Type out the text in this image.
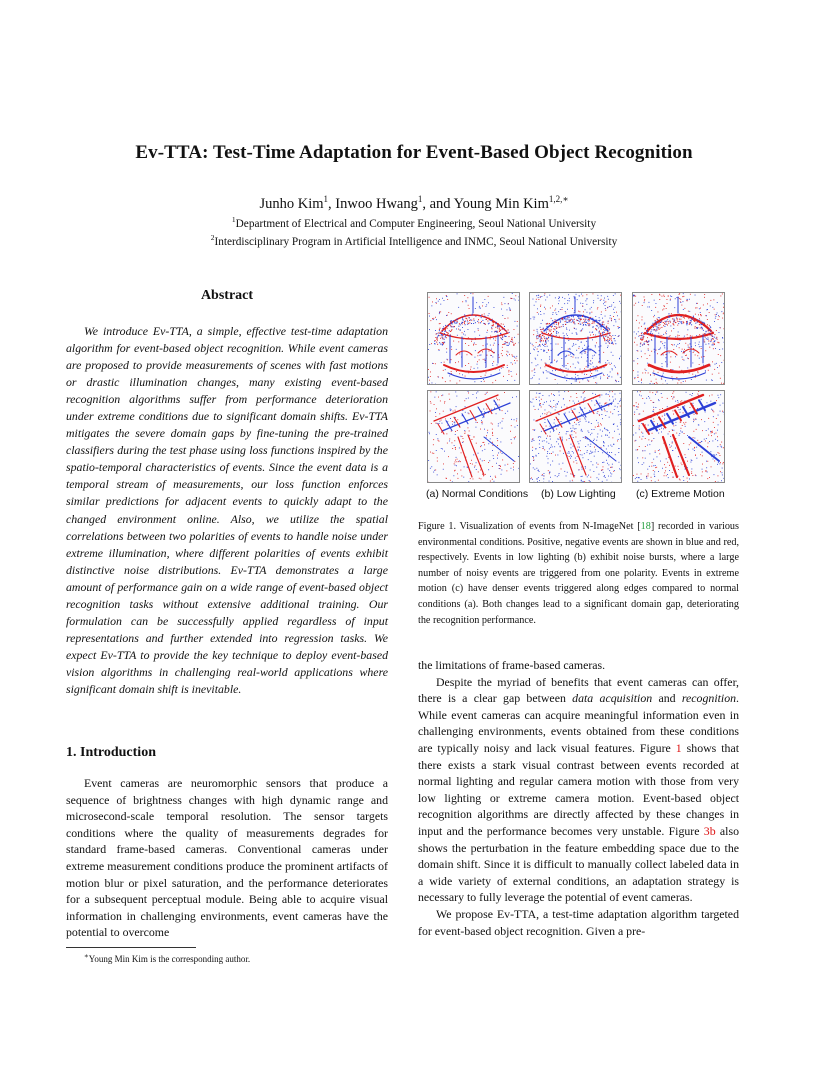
Ev-TTA: Test-Time Adaptation for Event-Based Object Recognition
Junho Kim$^1$, Inwoo Hwang$^1$, and Young Min Kim$^{1,2,∗}$
$^1$Department of Electrical and Computer Engineering, Seoul National University
$^2$Interdisciplinary Program in Artificial Intelligence and INMC, Seoul National University
Abstract
We introduce Ev-TTA, a simple, effective test-time adaptation algorithm for event-based object recognition. While event cameras are proposed to provide measurements of scenes with fast motions or drastic illumination changes, many existing event-based recognition algorithms suffer from performance deterioration under extreme conditions due to significant domain shifts. Ev-TTA mitigates the severe domain gaps by fine-tuning the pre-trained classifiers during the test phase using loss functions inspired by the spatio-temporal characteristics of events. Since the event data is a temporal stream of measurements, our loss function enforces similar predictions for adjacent events to quickly adapt to the changed environment online. Also, we utilize the spatial correlations between two polarities of events to handle noise under extreme illumination, where different polarities of events exhibit distinctive noise distributions. Ev-TTA demonstrates a large amount of performance gain on a wide range of event-based object recognition tasks without extensive additional training. Our formulation can be successfully applied regardless of input representations and further extended into regression tasks. We expect Ev-TTA to provide the key technique to deploy event-based vision algorithms in challenging real-world applications where significant domain shift is inevitable.
1. Introduction
Event cameras are neuromorphic sensors that produce a sequence of brightness changes with high dynamic range and microsecond-scale temporal resolution. The sensor targets conditions where the quality of measurements degrades for standard frame-based cameras. Conventional cameras under extreme measurement conditions produce the prominent artifacts of motion blur or pixel saturation, and the performance deteriorates for a subsequent perceptual module. Being able to acquire visual information in challenging environments, event cameras have the potential to overcome
∗Young Min Kim is the corresponding author.
(a) Normal Conditions (b) Low Lighting (c) Extreme Motion
Figure 1. Visualization of events from N-ImageNet [18] recorded in various environmental conditions. Positive, negative events are shown in blue and red, respectively. Events in low lighting (b) exhibit noise bursts, where a large number of noisy events are triggered from one polarity. Events in extreme motion (c) have denser events triggered along edges compared to normal conditions (a). Both changes lead to a significant domain gap, deteriorating the recognition performance.

the limitations of frame-based cameras.

Despite the myriad of benefits that event cameras can offer, there is a clear gap between data acquisition and recognition. While event cameras can acquire meaningful information even in challenging environments, events obtained from these conditions are typically noisy and lack visual features. Figure 1 shows that there exists a stark visual contrast between events recorded at normal lighting and regular camera motion with those from very low lighting or extreme camera motion. Event-based object recognition algorithms are directly affected by these changes in input and the performance becomes very unstable. Figure 3b also shows the perturbation in the feature embedding space due to the domain shift. Since it is difficult to manually collect labeled data in a wide variety of external conditions, an adaptation strategy is necessary to fully leverage the potential of event cameras.

We propose Ev-TTA, a test-time adaptation algorithm targeted for event-based object recognition. Given a pre-
